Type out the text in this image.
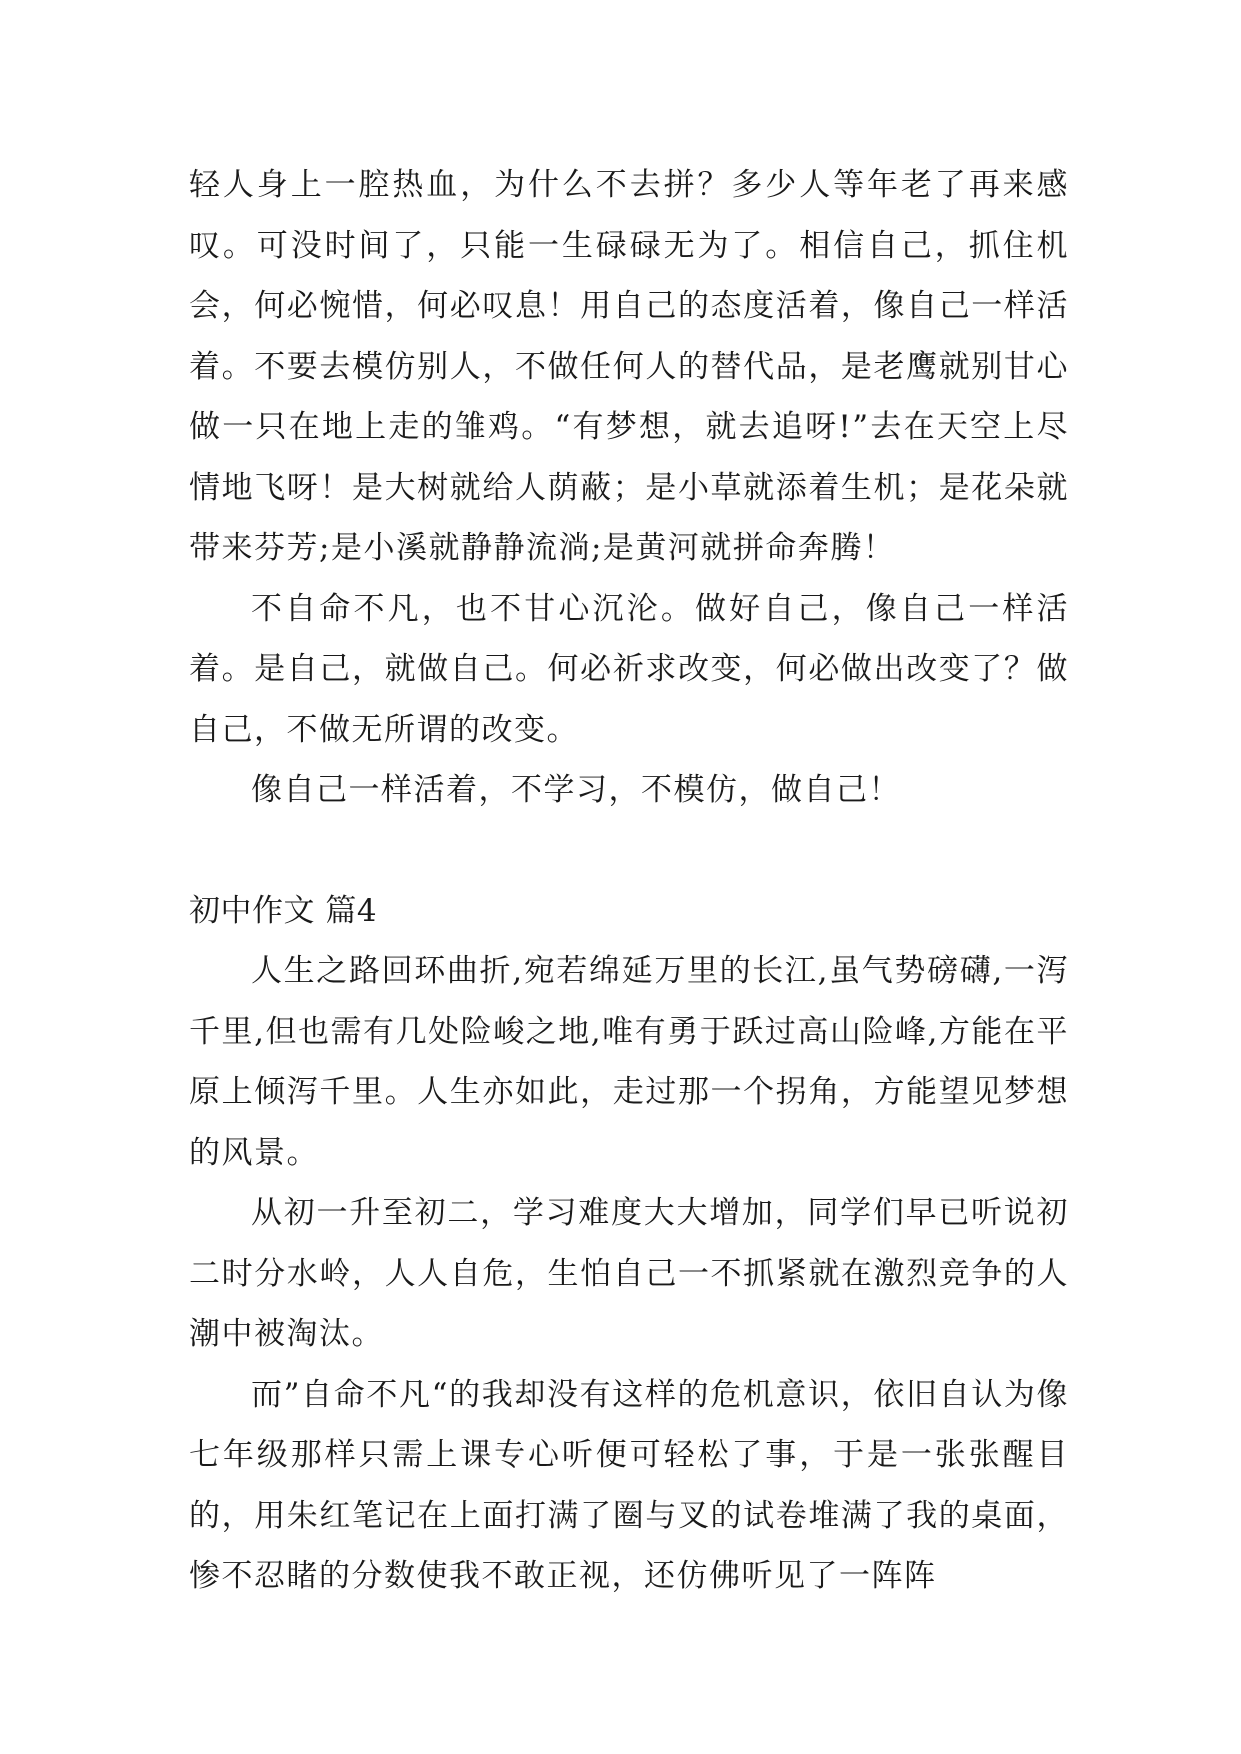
轻人身上一腔热血，为什么不去拼？多少人等年老了再来感叹。可没时间了，只能一生碌碌无为了。相信自己，抓住机会，何必惋惜，何必叹息！用自己的态度活着，像自己一样活着。不要去模仿别人，不做任何人的替代品，是老鹰就别甘心做一只在地上走的雏鸡。“有梦想，就去追呀!”去在天空上尽情地飞呀！是大树就给人荫蔽；是小草就添着生机；是花朵就带来芬芳;是小溪就静静流淌;是黄河就拼命奔腾！

不自命不凡，也不甘心沉沦。做好自己，像自己一样活着。是自己，就做自己。何必祈求改变，何必做出改变了？做自己，不做无所谓的改变。

像自己一样活着，不学习，不模仿，做自己！

初中作文 篇4

人生之路回环曲折,宛若绵延万里的长江,虽气势磅礴,一泻千里,但也需有几处险峻之地,唯有勇于跃过高山险峰,方能在平原上倾泻千里。人生亦如此，走过那一个拐角，方能望见梦想的风景。

从初一升至初二，学习难度大大增加，同学们早已听说初二时分水岭，人人自危，生怕自己一不抓紧就在激烈竞争的人潮中被淘汰。

而”自命不凡“的我却没有这样的危机意识，依旧自认为像七年级那样只需上课专心听便可轻松了事，于是一张张醒目的，用朱红笔记在上面打满了圈与叉的试卷堆满了我的桌面，惨不忍睹的分数使我不敢正视，还仿佛听见了一阵阵
